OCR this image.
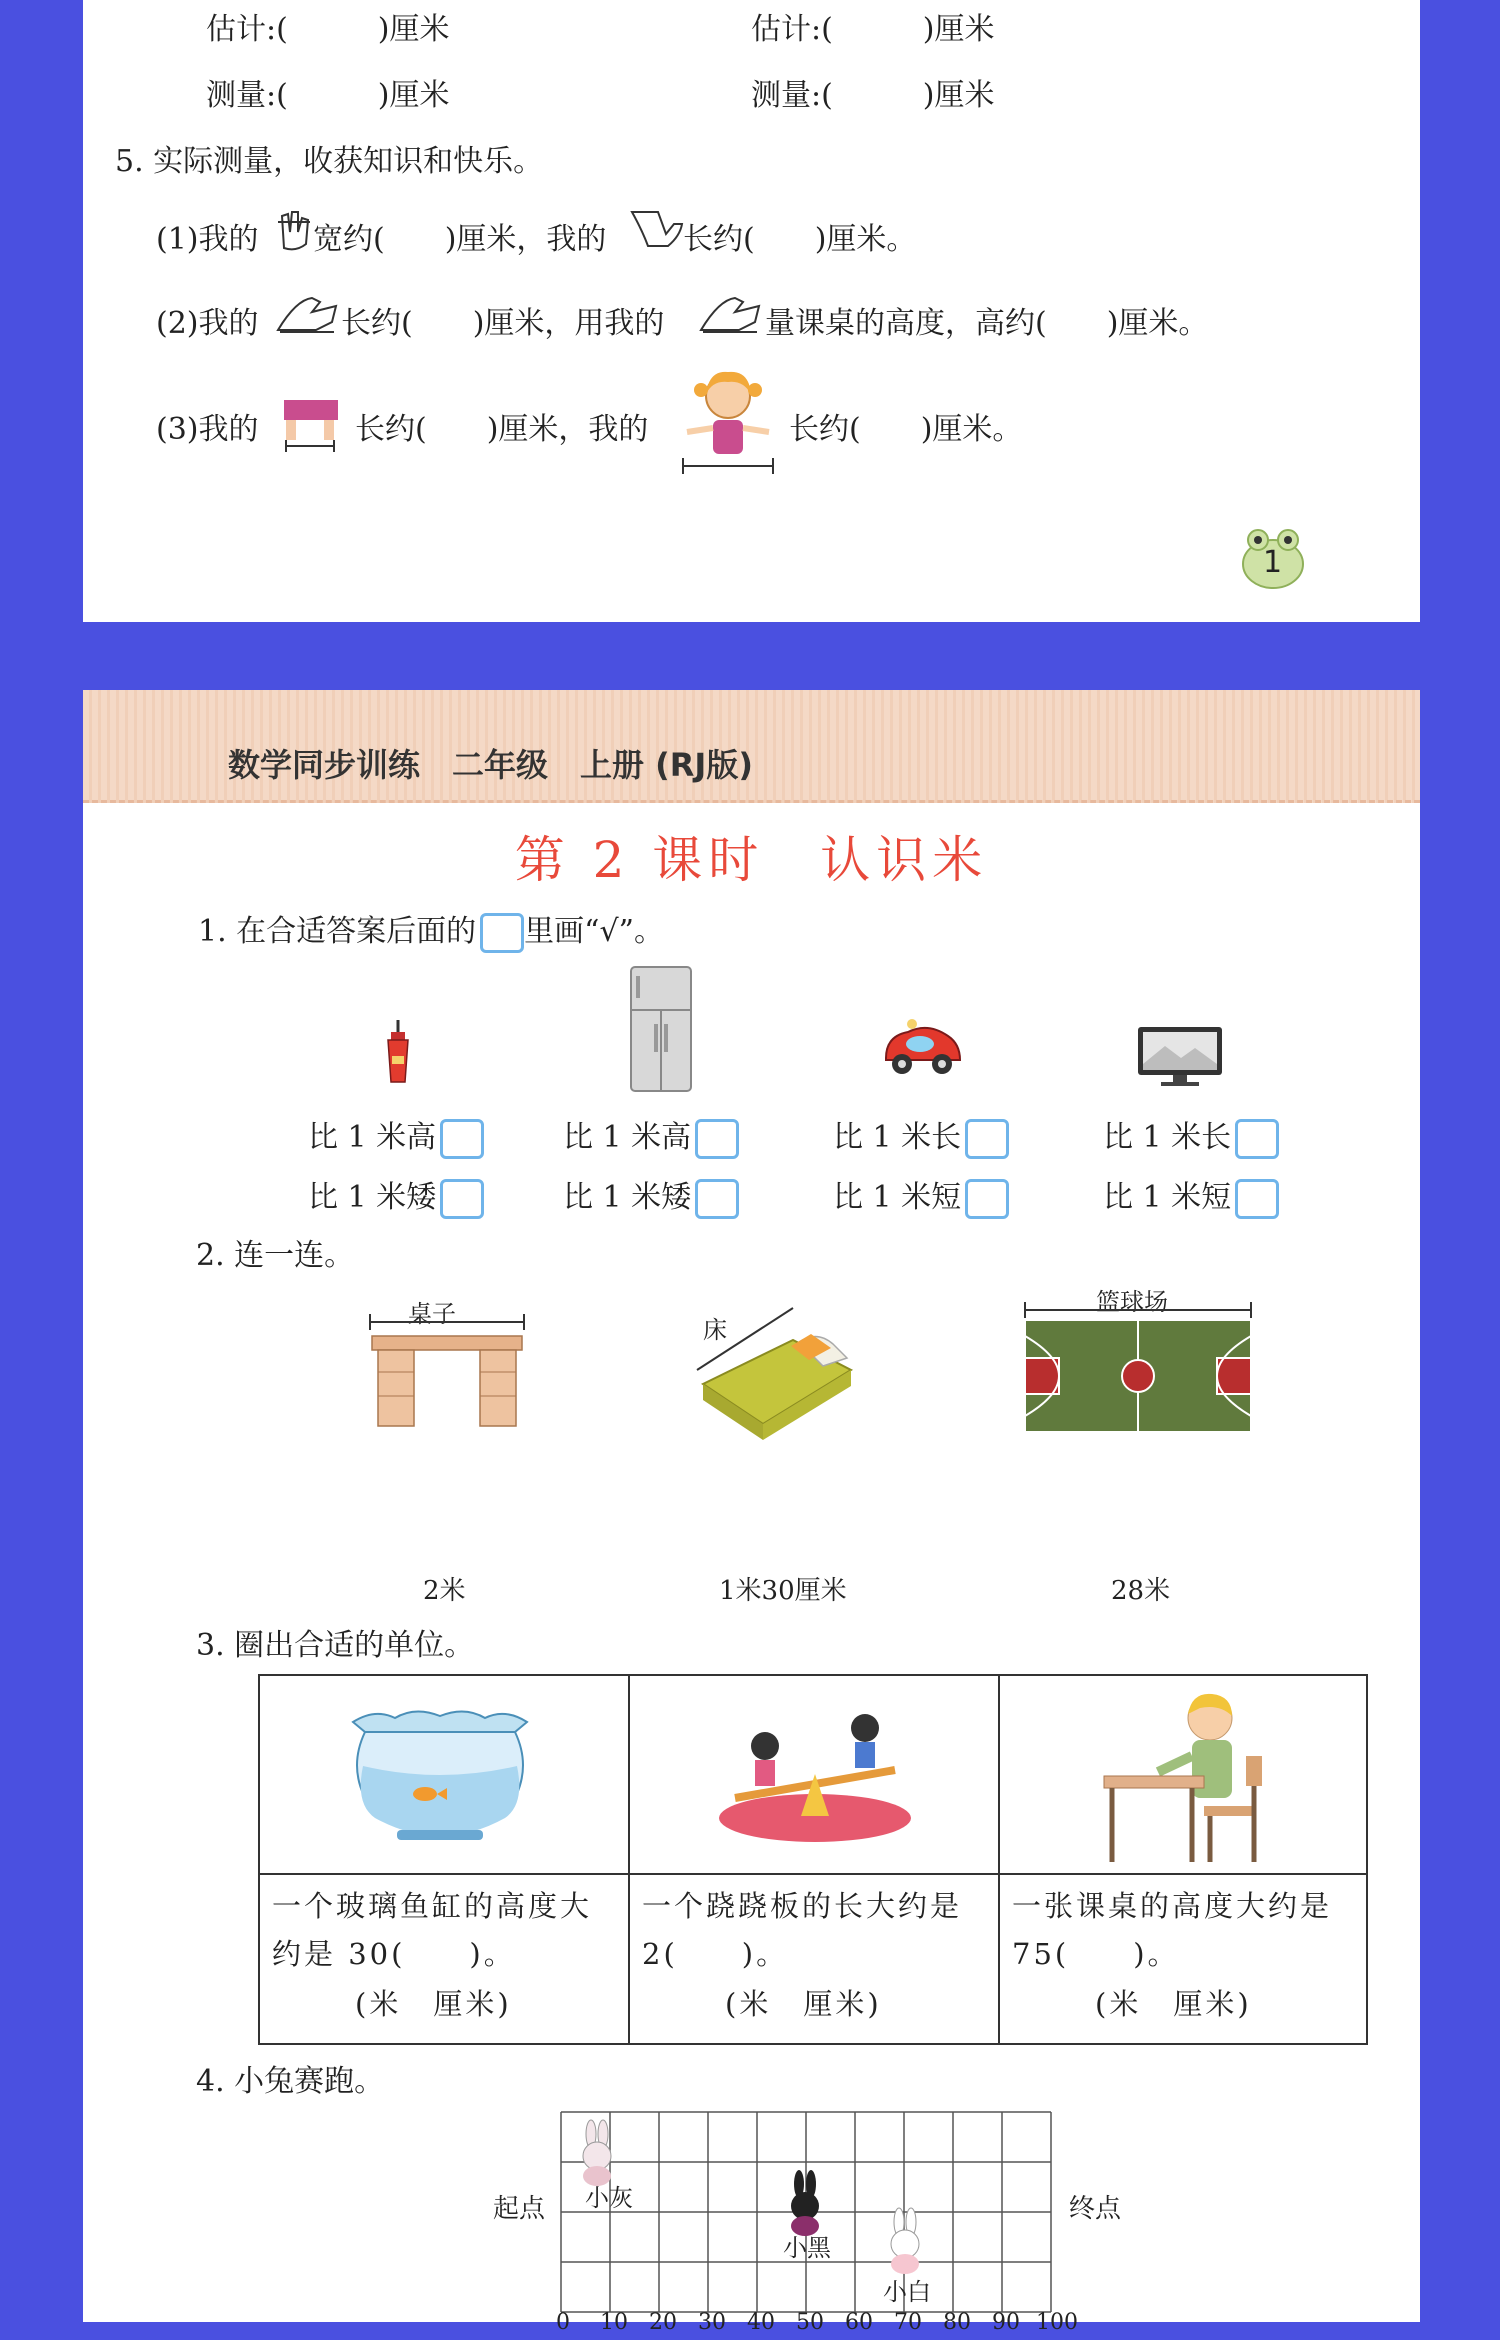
估计:(　　　)厘米
测量:(　　　)厘米
估计:(　　　)厘米
测量:(　　　)厘米
5. 实际测量，收获知识和快乐。
(1)我的 宽约(　　)厘米，我的	长约(　　)厘米。
(2)我的	长约(　　)厘米，用我的	量课桌的高度，高约(　　)厘米。
(3)我的	长约(　　)厘米，我的	长约(　　)厘米。
1
数学同步训练　二年级　上册 (RJ版)
第 2 课时　认识米
1. 在合适答案后面的 里画“√”。
比 1 米高
比 1 米矮
比 1 米高
比 1 米矮
比 1 米长
比 1 米短
比 1 米长
比 1 米短
2. 连一连。
桌子
床
篮球场
2米	1米30厘米	28米
3. 圈出合适的单位。
一个玻璃鱼缸的高度大
约是 30(　　)。
(米　厘米)
一个跷跷板的长大约是
2(　　)。
(米　厘米)
一张课桌的高度大约是
75(　　)。
(米　厘米)
4. 小兔赛跑。
起点	终点
小灰
小黑
小白
0 10 20 30 40 50 60 70 80 90 100
